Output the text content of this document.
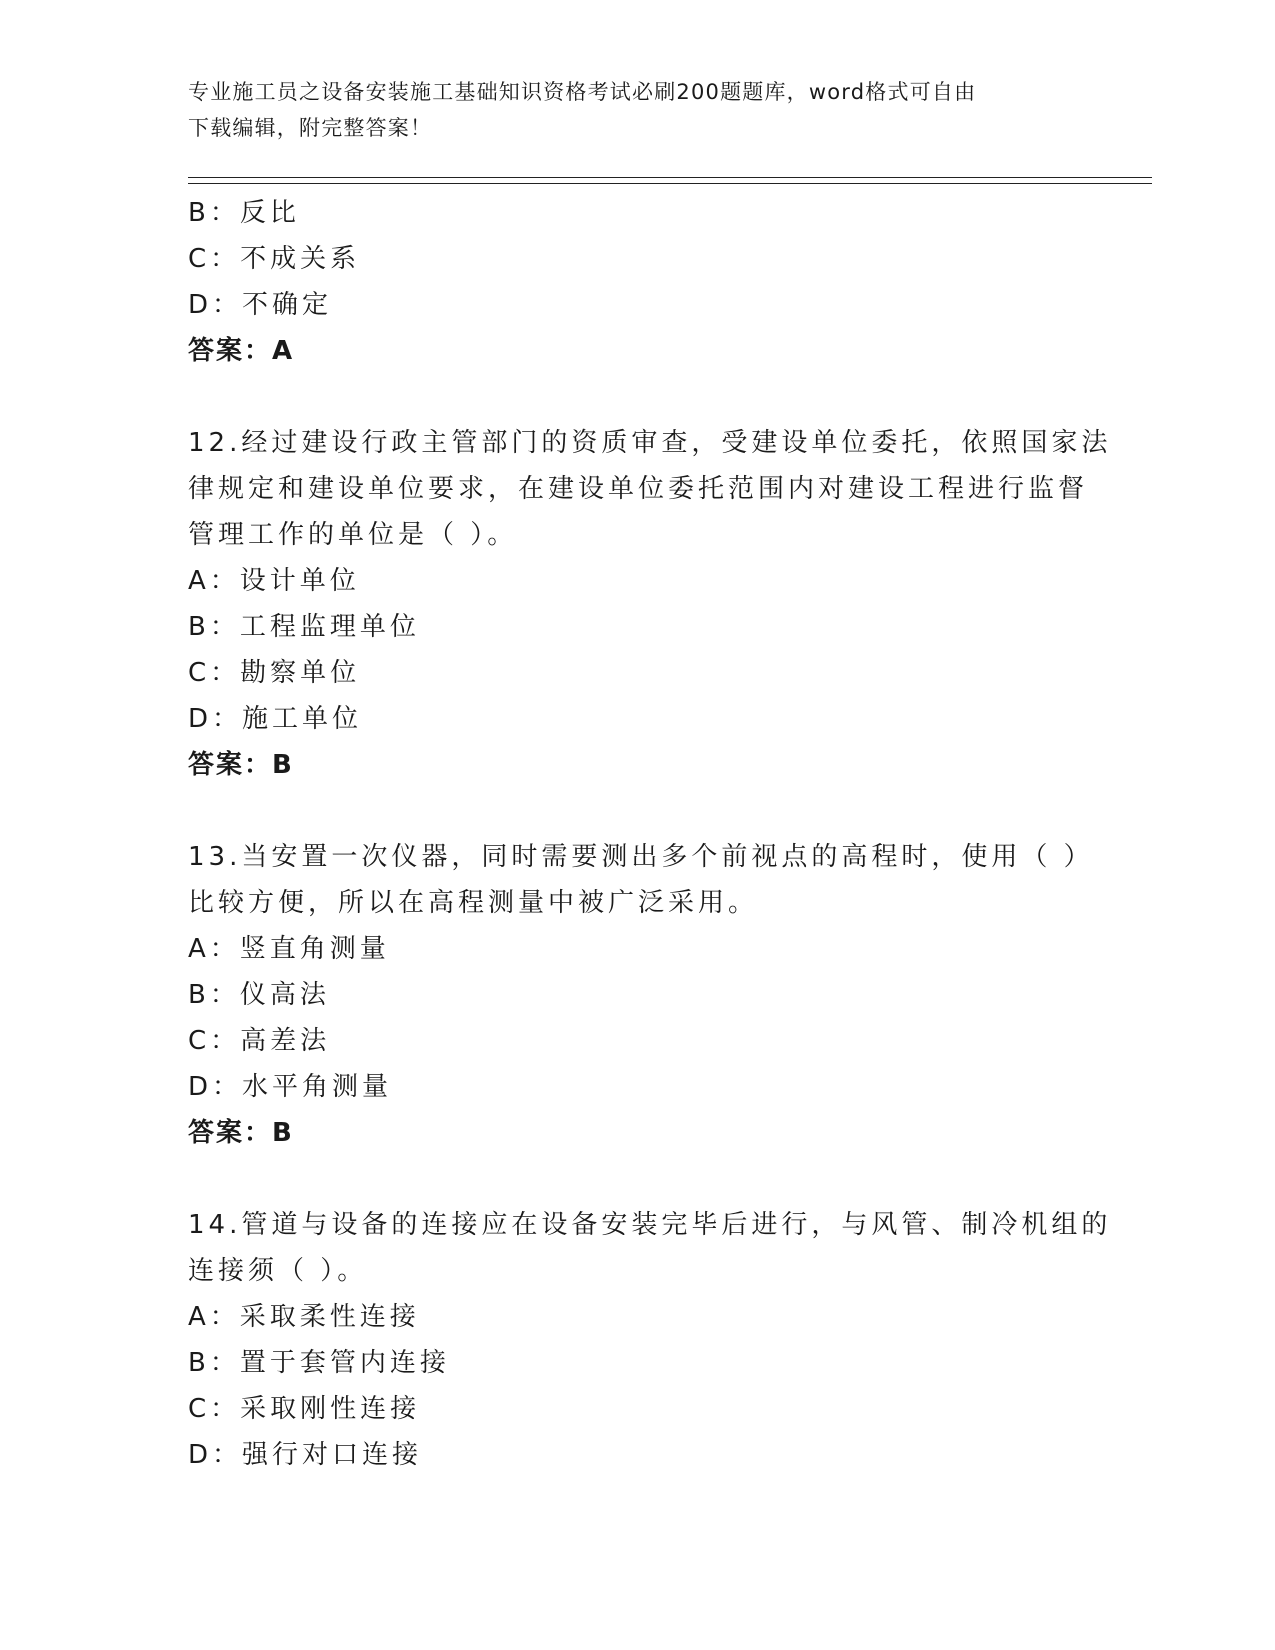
专业施工员之设备安装施工基础知识资格考试必刷200题题库，word格式可自由
下载编辑，附完整答案！
B：反比
C：不成关系
D：不确定
答案：A
12.经过建设行政主管部门的资质审查，受建设单位委托，依照国家法
律规定和建设单位要求，在建设单位委托范围内对建设工程进行监督
管理工作的单位是（ ）。
A：设计单位
B：工程监理单位
C：勘察单位
D：施工单位
答案：B
13.当安置一次仪器，同时需要测出多个前视点的高程时，使用（ ）
比较方便，所以在高程测量中被广泛采用。
A：竖直角测量
B：仪高法
C：高差法
D：水平角测量
答案：B
14.管道与设备的连接应在设备安装完毕后进行，与风管、制冷机组的
连接须（ ）。
A：采取柔性连接
B：置于套管内连接
C：采取刚性连接
D：强行对口连接
